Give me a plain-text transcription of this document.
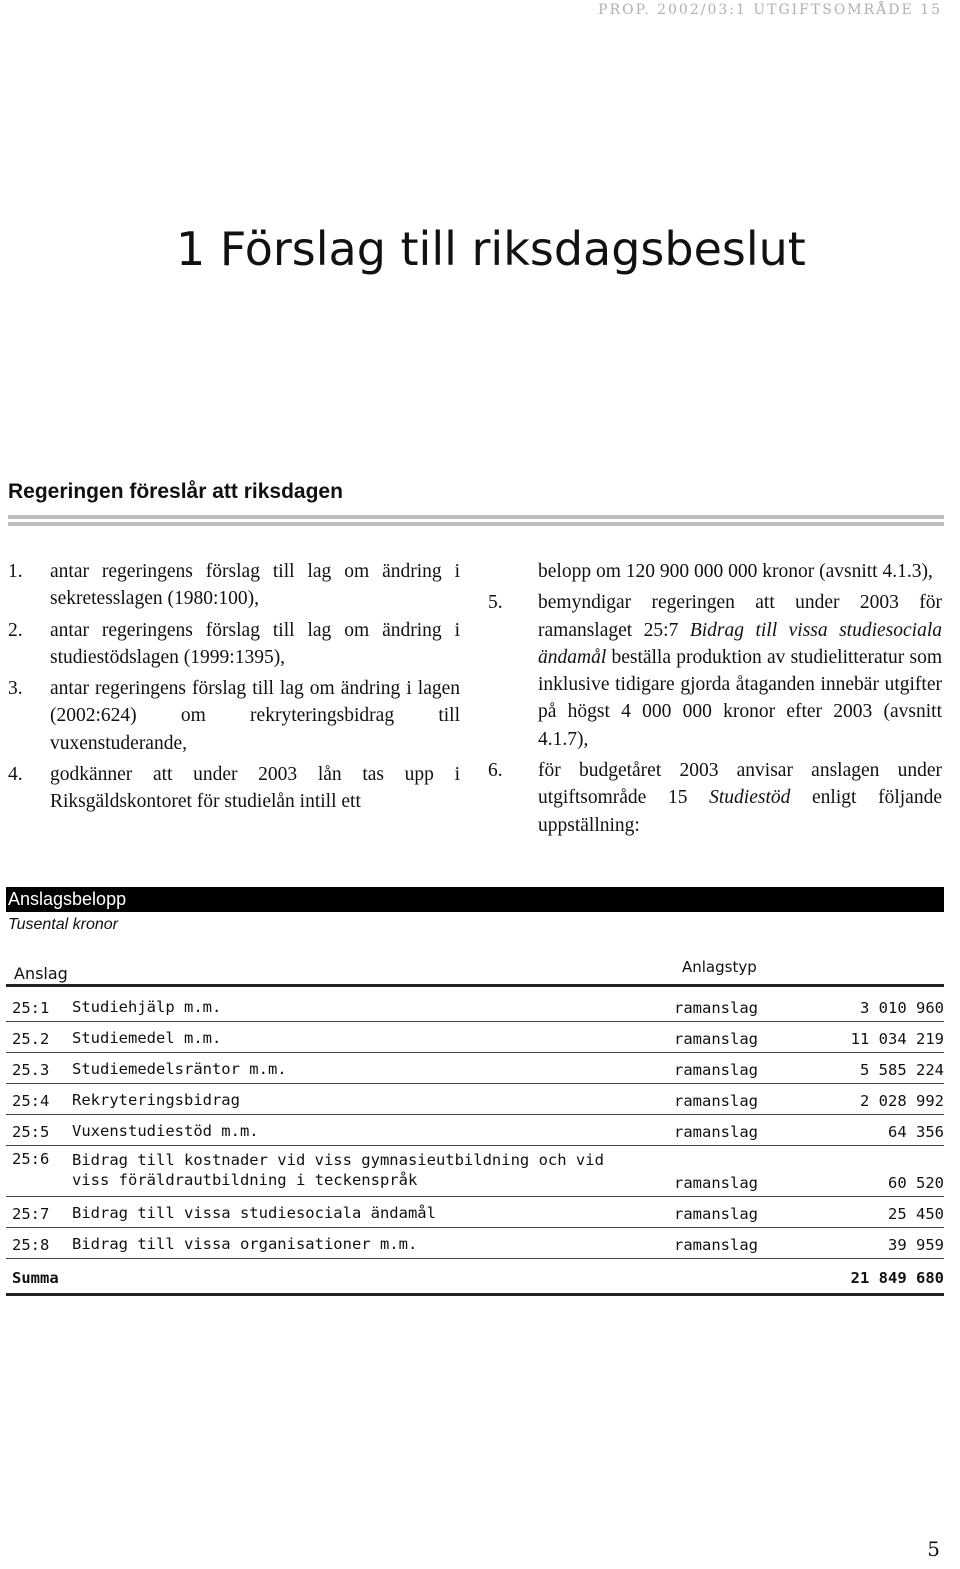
PROP. 2002/03:1 UTGIFTSOMRÅDE 15
1 Förslag till riksdagsbeslut
Regeringen föreslår att riksdagen
1.	antar regeringens förslag till lag om ändring i sekretesslagen (1980:100),
2.	antar regeringens förslag till lag om ändring i studiestödslagen (1999:1395),
3.	antar regeringens förslag till lag om ändring i lagen (2002:624) om rekryteringsbidrag till vuxenstuderande,
4.	godkänner att under 2003 lån tas upp i Riksgäldskontoret för studielån intill ett
belopp om 120 900 000 000 kronor (avsnitt 4.1.3),
5.	bemyndigar regeringen att under 2003 för ramanslaget 25:7 Bidrag till vissa studiesociala ändamål beställa produktion av studielitteratur som inklusive tidigare gjorda åtaganden innebär utgifter på högst 4 000 000 kronor efter 2003 (avsnitt 4.1.7),
6.	för budgetåret 2003 anvisar anslagen under utgiftsområde 15 Studiestöd enligt följande uppställning:
Anslagsbelopp
Tusental kronor
Anslag	Anlagstyp
25:1 Studiehjälp m.m.	ramanslag	3 010 960
25.2 Studiemedel m.m.	ramanslag	11 034 219
25.3 Studiemedelsräntor m.m.	ramanslag	5 585 224
25:4 Rekryteringsbidrag	ramanslag	2 028 992
25:5 Vuxenstudiestöd m.m.	ramanslag	64 356
25:6 Bidrag till kostnader vid viss gymnasieutbildning och vid viss föräldrautbildning i teckenspråk	ramanslag	60 520
25:7 Bidrag till vissa studiesociala ändamål	ramanslag	25 450
25:8 Bidrag till vissa organisationer m.m.	ramanslag	39 959
Summa	21 849 680
5
